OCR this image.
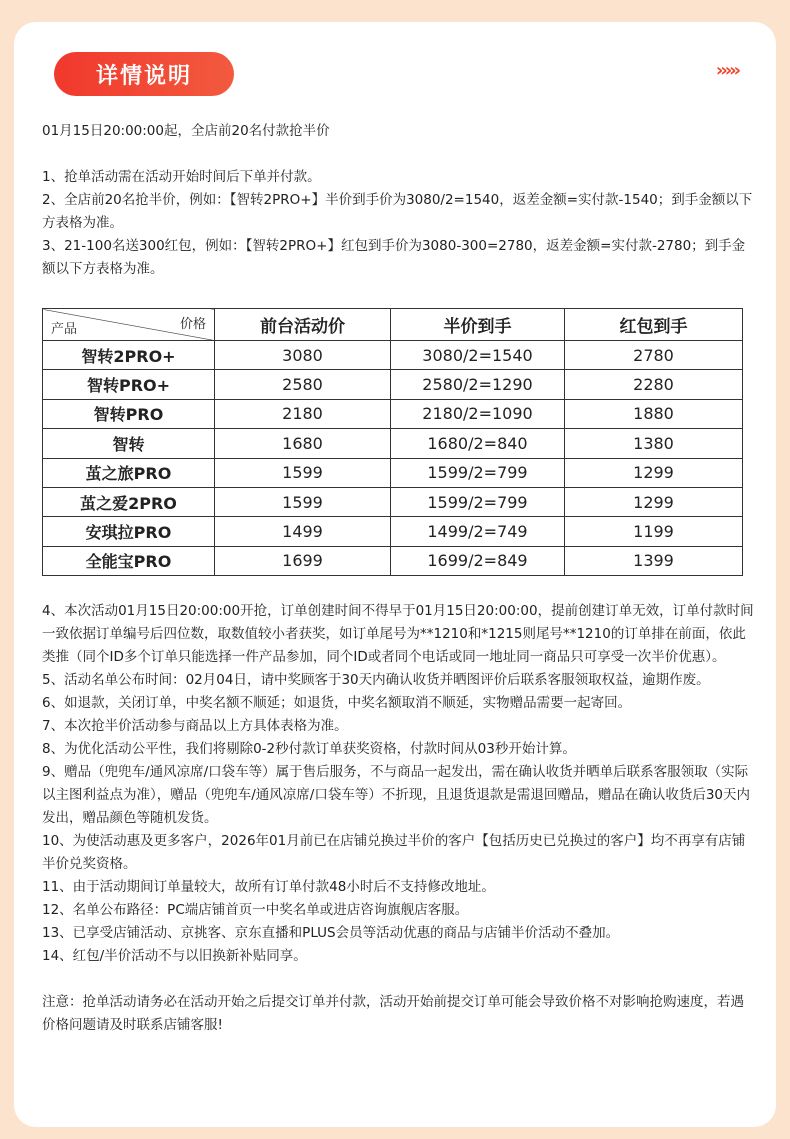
详情说明	›››››

01月15日20:00:00起，全店前20名付款抢半价

1、抢单活动需在活动开始时间后下单并付款。

2、全店前20名抢半价，例如：【智转2PRO+】半价到手价为3080/2=1540，返差金额=实付款-1540；到手金额以下方表格为准。

3、21-100名送300红包，例如：【智转2PRO+】红包到手价为3080-300=2780，返差金额=实付款-2780；到手金额以下方表格为准。

价格
产品	前台活动价	半价到手	红包到手
智转2PRO+	3080	3080/2=1540	2780
智转PRO+	2580	2580/2=1290	2280
智转PRO	2180	2180/2=1090	1880
智转	1680	1680/2=840	1380
茧之旅PRO	1599	1599/2=799	1299
茧之爱2PRO	1599	1599/2=799	1299
安琪拉PRO	1499	1499/2=749	1199
全能宝PRO	1699	1699/2=849	1399

4、本次活动01月15日20:00:00开抢，订单创建时间不得早于01月15日20:00:00，提前创建订单无效，订单付款时间一致依据订单编号后四位数，取数值较小者获奖，如订单尾号为**1210和*1215则尾号**1210的订单排在前面，依此类推（同个ID多个订单只能选择一件产品参加，同个ID或者同个电话或同一地址同一商品只可享受一次半价优惠）。

5、活动名单公布时间：02月04日，请中奖顾客于30天内确认收货并晒图评价后联系客服领取权益，逾期作废。

6、如退款，关闭订单，中奖名额不顺延；如退货，中奖名额取消不顺延，实物赠品需要一起寄回。

7、本次抢半价活动参与商品以上方具体表格为准。

8、为优化活动公平性，我们将剔除0-2秒付款订单获奖资格，付款时间从03秒开始计算。

9、赠品（兜兜车/通风凉席/口袋车等）属于售后服务，不与商品一起发出，需在确认收货并晒单后联系客服领取（实际以主图利益点为准），赠品（兜兜车/通风凉席/口袋车等）不折现，且退货退款是需退回赠品，赠品在确认收货后30天内发出，赠品颜色等随机发货。

10、为使活动惠及更多客户，2026年01月前已在店铺兑换过半价的客户【包括历史已兑换过的客户】均不再享有店铺半价兑奖资格。

11、由于活动期间订单量较大，故所有订单付款48小时后不支持修改地址。

12、名单公布路径：PC端店铺首页一中奖名单或进店咨询旗舰店客服。

13、已享受店铺活动、京挑客、京东直播和PLUS会员等活动优惠的商品与店铺半价活动不叠加。

14、红包/半价活动不与以旧换新补贴同享。

注意：抢单活动请务必在活动开始之后提交订单并付款，活动开始前提交订单可能会导致价格不对影响抢购速度，若遇价格问题请及时联系店铺客服!
